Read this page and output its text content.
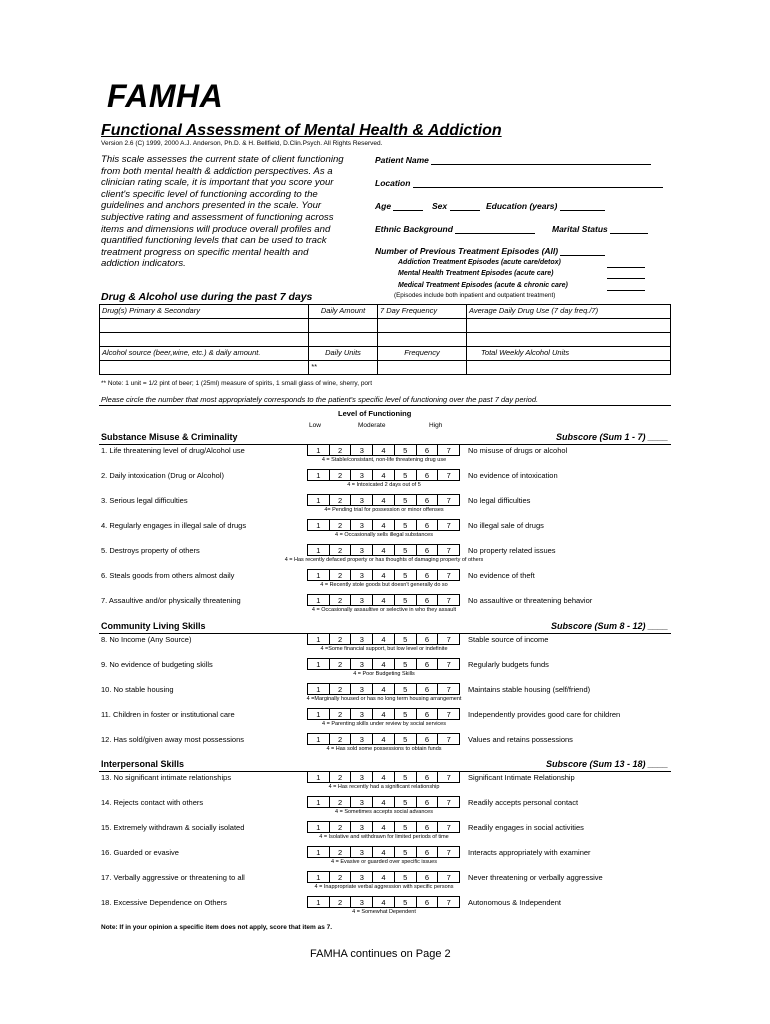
FAMHA
Functional Assessment of Mental Health & Addiction
Version 2.6 (C) 1999, 2000 A.J. Anderson, Ph.D. & H. Bellfield, D.Clin.Psych. All Rights Reserved.
This scale assesses the current state of client functioning from both mental health & addiction perspectives. As a clinician rating scale, it is important that you score your client's specific level of functioning according to the guidelines and anchors presented in the scale. Your subjective rating and assessment of functioning across items and dimensions will produce overall profiles and quantified functioning levels that can be used to track treatment progress on specific mental health and addiction indicators.
Patient Name
Location
Age	Sex	Education (years)
Ethnic Background	Marital Status
Number of Previous Treatment Episodes (All)
Addiction Treatment Episodes (acute care/detox)
Mental Health Treatment Episodes (acute care)
Medical Treatment Episodes (acute & chronic care)
(Episodes include both inpatient and outpatient treatment)
Drug & Alcohol use during the past 7 days
Drug(s) Primary & Secondary	Daily Amount	7 Day Frequency	Average Daily Drug Use (7 day freq./7)

Alcohol source (beer,wine, etc.) & daily amount.	Daily Units	Frequency	Total Weekly Alcohol Units
	**		
** Note: 1 unit = 1/2 pint of beer; 1 (25ml) measure of spirits, 1 small glass of wine, sherry, port
Please circle the number that most appropriately corresponds to the patient's specific level of functioning over the past 7 day period.
Level of Functioning
Low	Moderate	High
Substance Misuse & Criminality	Subscore (Sum 1 - 7) ____
1. Life threatening level of drug/Alcohol use	1	2	3	4	5	6	7	No misuse of drugs or alcohol
4 = Stable/consistant, non-life threatening drug use
2. Daily intoxication (Drug or Alcohol)	1	2	3	4	5	6	7	No evidence of intoxication
4 = Intoxicated 2 days out of 5
3. Serious legal difficulties	1	2	3	4	5	6	7	No legal difficulties
4= Pending trial for possession or minor offenses
4. Regularly engages in illegal sale of drugs	1	2	3	4	5	6	7	No illegal sale of drugs
4 = Occasionally sells illegal substances
5. Destroys property of others	1	2	3	4	5	6	7	No property related issues
4 = Has recently defaced property or has thoughts of damaging property of others
6. Steals goods from others almost daily	1	2	3	4	5	6	7	No evidence of theft
4 = Recently stole goods but doesn't generally do so
7. Assaultive and/or physically threatening	1	2	3	4	5	6	7	No assaultive or threatening behavior
4 = Occasionally assaultive or selective in who they assault
Community Living Skills	Subscore (Sum 8 - 12) ____
8. No Income (Any Source)	1	2	3	4	5	6	7	Stable source of income
4 =Some financial support, but low level or indefinite
9. No evidence of budgeting skills	1	2	3	4	5	6	7	Regularly budgets funds
4 = Poor Budgeting Skills
10. No stable housing	1	2	3	4	5	6	7	Maintains stable housing (self/friend)
4 =Marginally housed or has no long term housing arrangement
11. Children in foster or institutional care	1	2	3	4	5	6	7	Independently provides good care for children
4 = Parenting skills under review by social services
12. Has sold/given away most possessions	1	2	3	4	5	6	7	Values and retains possessions
4 = Has sold some possessions to obtain funds
Interpersonal Skills	Subscore (Sum 13 - 18) ____
13. No significant intimate relationships	1	2	3	4	5	6	7	Significant Intimate Relationship
4 = Has recently had a significant relationship
14. Rejects contact with others	1	2	3	4	5	6	7	Readily accepts personal contact
4 = Sometimes accepts social advances
15. Extremely withdrawn & socially isolated	1	2	3	4	5	6	7	Readily engages in social activities
4 = Isolative and withdrawn for limited periods of time
16. Guarded or evasive	1	2	3	4	5	6	7	Interacts appropriately with examiner
4 = Evasive or guarded over specific issues
17. Verbally aggressive or threatening to all	1	2	3	4	5	6	7	Never threatening or verbally aggressive
4 = Inappropriate verbal aggression with specific persons
18. Excessive Dependence on Others	1	2	3	4	5	6	7	Autonomous & Independent
4 = Somewhat Dependent
Note: If in your opinion a specific item does not apply, score that item as 7.
FAMHA continues on Page 2
